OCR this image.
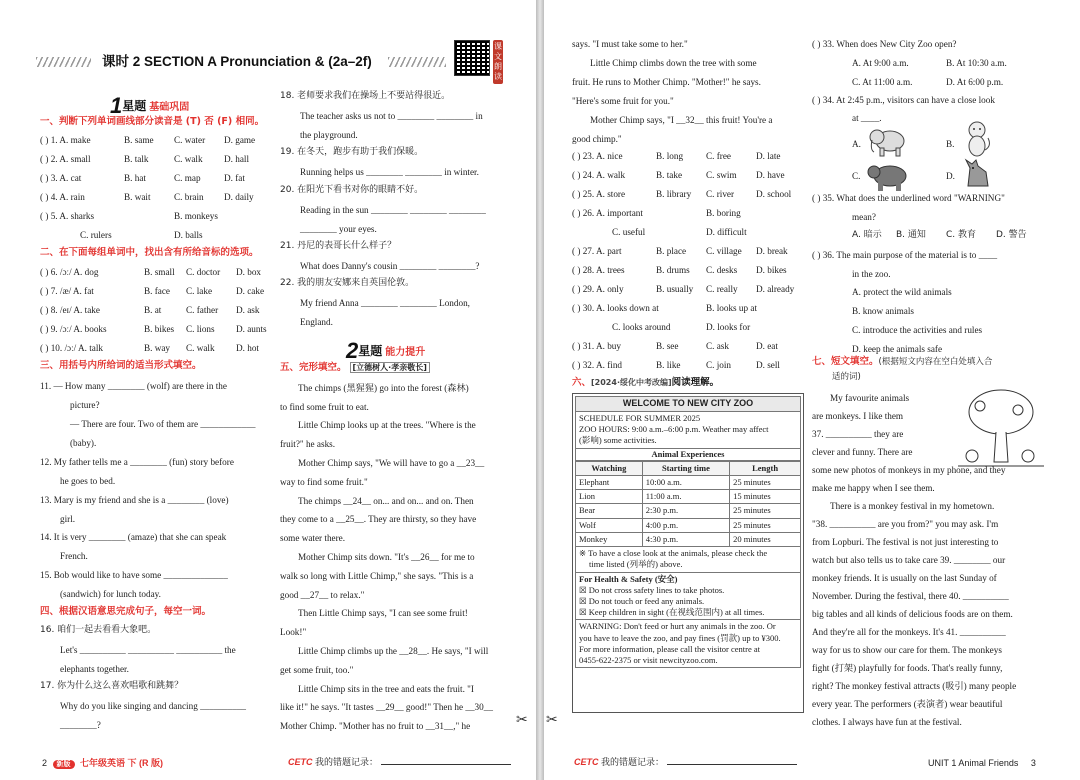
课时 2 SECTION A Pronunciation & (2a–2f)
课文朗读
1星题 基础巩固
一、判断下列单词画线部分读音是 (T) 否 (F) 相同。
( ) 1. A. make	B. same C. water D. game
( ) 2. A. small	B. talk	C. walk D. hall
( ) 3. A. cat	B. hat	C. map	D. fat
( ) 4. A. rain	B. wait	C. brain D. daily
( ) 5. A. sharks	B. monkeys
C. rulers	D. balls
二、在下面每组单词中，找出含有所给音标的选项。
( ) 6. /ɔː/ A. dog	B. small C. doctor D. box
( ) 7. /æ/ A. fat	B. face C. lake	D. cake
( ) 8. /eɪ/ A. take	B. at	C. father D. ask
( ) 9. /ɔː/ A. books	B. bikes C. lions D. aunts
( ) 10. /ɔː/ A. talk	B. way C. walk D. hot
三、用括号内所给词的适当形式填空。
11. — How many ________ (wolf) are there in the
picture?
— There are four. Two of them are ____________
(baby).
12. My father tells me a ________ (fun) story before
he goes to bed.
13. Mary is my friend and she is a ________ (love)
girl.
14. It is very ________ (amaze) that she can speak
French.
15. Bob would like to have some ______________
(sandwich) for lunch today.
四、根据汉语意思完成句子，每空一词。
16. 咱们一起去看看大象吧。
Let's __________ __________ __________ the
elephants together.
17. 你为什么这么喜欢唱歌和跳舞？
Why do you like singing and dancing __________
________?
18. 老师要求我们在操场上不要站得很近。
The teacher asks us not to ________ ________ in
the playground.
19. 在冬天，跑步有助于我们保暖。
Running helps us ________ ________ in winter.
20. 在阳光下看书对你的眼睛不好。
Reading in the sun ________ ________ ________
________ your eyes.
21. 丹尼的表哥长什么样子？
What does Danny's cousin ________ ________?
22. 我的朋友安娜来自英国伦敦。
My friend Anna ________ ________ London,
England.
2星题 能力提升
五、完形填空。 [立德树人·孝亲敬长]
The chimps (黑猩猩) go into the forest (森林)
to find some fruit to eat.
Little Chimp looks up at the trees. "Where is the
fruit?" he asks.
Mother Chimp says, "We will have to go a __23__
way to find some fruit."
The chimps __24__ on... and on... and on. Then
they come to a __25__. They are thirsty, so they have
some water there.
Mother Chimp sits down. "It's __26__ for me to
walk so long with Little Chimp," she says. "This is a
good __27__ to relax."
Then Little Chimp says, "I can see some fruit!
Look!"
Little Chimp climbs up the __28__. He says, "I will
get some fruit, too."
Little Chimp sits in the tree and eats the fruit. "I
like it!" he says. "It tastes __29__ good!" Then he __30__
Mother Chimp. "Mother has no fruit to __31__," he	✂
2 新版 七年级英语 下 (R 版)	CETC 我的错题记录：
says. "I must take some to her."
Little Chimp climbs down the tree with some
fruit. He runs to Mother Chimp. "Mother!" he says.
"Here's some fruit for you."
Mother Chimp says, "I __32__ this fruit! You're a
good chimp."
( ) 23. A. nice	B. long C. free	D. late
( ) 24. A. walk	B. take	C. swim D. have
( ) 25. A. store	B. library C. river D. school
( ) 26. A. important	B. boring
C. useful	D. difficult
( ) 27. A. part	B. place C. village D. break
( ) 28. A. trees	B. drums C. desks D. bikes
( ) 29. A. only	B. usually C. really D. already
( ) 30. A. looks down at	B. looks up at
C. looks around	D. looks for
( ) 31. A. buy	B. see	C. ask	D. eat
( ) 32. A. find	B. like	C. join	D. sell
六、[2024·绥化中考改编]阅读理解。
WELCOME TO NEW CITY ZOO
SCHEDULE FOR SUMMER 2025
ZOO HOURS: 9:00 a.m.–6:00 p.m. Weather may affect
(影响) some activities.
Animal Experiences
Watching	Starting time	Length
Elephant	10:00 a.m.	25 minutes
Lion	11:00 a.m.	15 minutes
Bear	2:30 p.m.	25 minutes
Wolf	4:00 p.m.	25 minutes
Monkey	4:30 p.m.	20 minutes
※ To have a close look at the animals, please check the
time listed (列举的) above.
For Health & Safety (安全)
☒ Do not cross safety lines to take photos.
☒ Do not touch or feed any animals.
☒ Keep children in sight (在视线范围内) at all times.
WARNING: Don't feed or hurt any animals in the zoo. Or
you have to leave the zoo, and pay fines (罚款) up to ¥300.
For more information, please call the visitor centre at
0455-622-2375 or visit newcityzoo.com.
( ) 33. When does New City Zoo open?
A. At 9:00 a.m.	B. At 10:30 a.m.
C. At 11:00 a.m.	D. At 6:00 p.m.
( ) 34. At 2:45 p.m., visitors can have a close look
at ____.
A.	B.
C.	D.
( ) 35. What does the underlined word "WARNING"
mean?
A. 暗示 B. 通知 C. 教育 D. 警告
( ) 36. The main purpose of the material is to ____
in the zoo.
A. protect the wild animals
B. know animals
C. introduce the activities and rules
D. keep the animals safe
七、短文填空。(根据短文内容在空白处填入合
适的词)
My favourite animals
are monkeys. I like them
37. __________ they are
clever and funny. There are
some new photos of monkeys in my phone, and they
make me happy when I see them.
There is a monkey festival in my hometown.
"38. __________ are you from?" you may ask. I'm
from Lopburi. The festival is not just interesting to
watch but also tells us to take care 39. ________ our
monkey friends. It is usually on the last Sunday of
November. During the festival, there 40. __________
big tables and all kinds of delicious foods are on them.
And they're all for the monkeys. It's 41. __________
way for us to show our care for them. The monkeys
fight (打架) playfully for foods. That's really funny,
right? The monkey festival attracts (吸引) many people
every year. The performers (表演者) wear beautiful
clothes. I always have fun at the festival.
✂
CETC 我的错题记录：	UNIT 1 Animal Friends 3
